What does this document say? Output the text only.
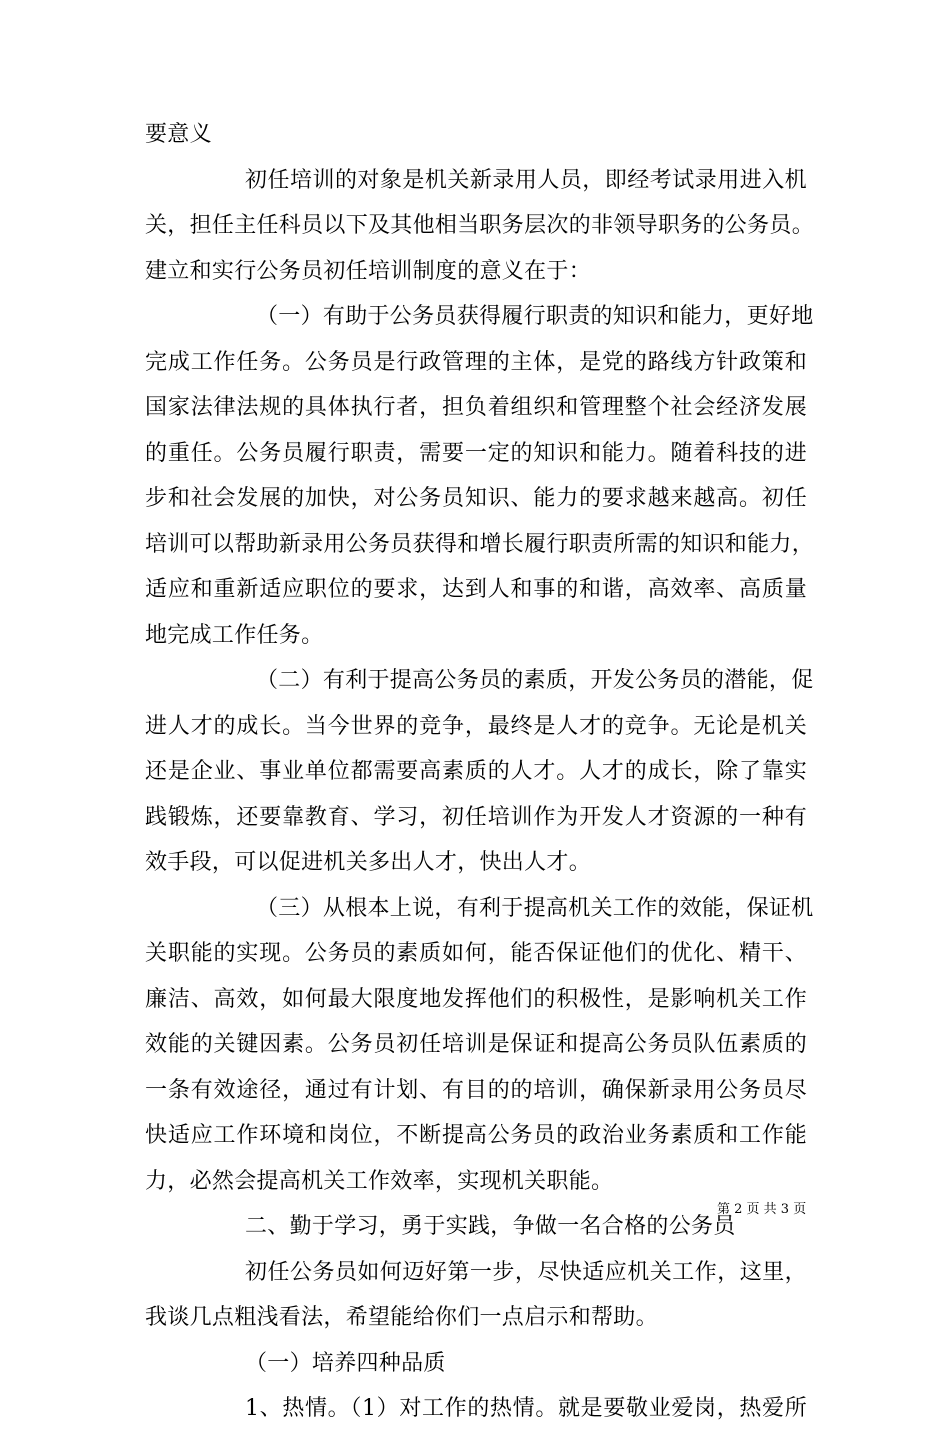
要意义
初任培训的对象是机关新录用人员，即经考试录用进入机
关，担任主任科员以下及其他相当职务层次的非领导职务的公务员。
建立和实行公务员初任培训制度的意义在于：
（一）有助于公务员获得履行职责的知识和能力，更好地
完成工作任务。公务员是行政管理的主体，是党的路线方针政策和
国家法律法规的具体执行者，担负着组织和管理整个社会经济发展
的重任。公务员履行职责，需要一定的知识和能力。随着科技的进
步和社会发展的加快，对公务员知识、能力的要求越来越高。初任
培训可以帮助新录用公务员获得和增长履行职责所需的知识和能力，
适应和重新适应职位的要求，达到人和事的和谐，高效率、高质量
地完成工作任务。
（二）有利于提高公务员的素质，开发公务员的潜能，促
进人才的成长。当今世界的竞争，最终是人才的竞争。无论是机关
还是企业、事业单位都需要高素质的人才。人才的成长，除了靠实
践锻炼，还要靠教育、学习，初任培训作为开发人才资源的一种有
效手段，可以促进机关多出人才，快出人才。
（三）从根本上说，有利于提高机关工作的效能，保证机
关职能的实现。公务员的素质如何，能否保证他们的优化、精干、
廉洁、高效，如何最大限度地发挥他们的积极性，是影响机关工作
效能的关键因素。公务员初任培训是保证和提高公务员队伍素质的
一条有效途径，通过有计划、有目的的培训，确保新录用公务员尽
快适应工作环境和岗位，不断提高公务员的政治业务素质和工作能
力，必然会提高机关工作效率，实现机关职能。
二、勤于学习，勇于实践，争做一名合格的公务员
初任公务员如何迈好第一步，尽快适应机关工作，这里，
我谈几点粗浅看法，希望能给你们一点启示和帮助。
（一）培养四种品质
1、热情。（1）对工作的热情。就是要敬业爱岗，热爱所
第 2 页 共 3 页
